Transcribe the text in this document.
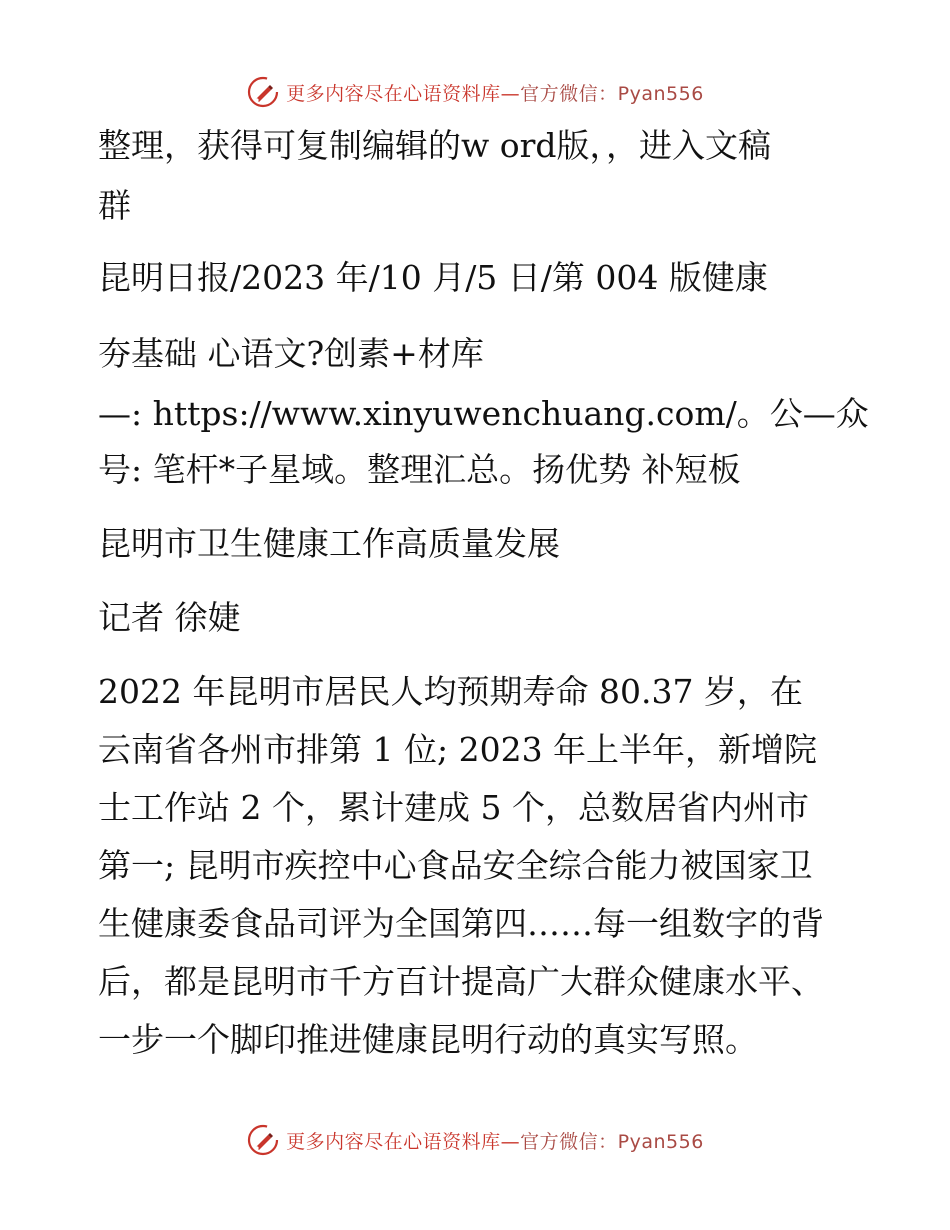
更多内容尽在心语资料库— 官方微信：Pyan556
整理，获得可复制编辑的w ord版，，进入文稿
群
昆明日报/2023 年/10 月/5 日/第 004 版健康
夯基础 心语文?创素+材库
—: https://www.xinyuwenchuang.com/。公—众
号: 笔杆*子星域。整理汇总。扬优势 补短板
昆明市卫生健康工作高质量发展
记者 徐婕
2022 年昆明市居民人均预期寿命 80.37 岁，在
云南省各州市排第 1 位; 2023 年上半年，新增院
士工作站 2 个，累计建成 5 个，总数居省内州市
第一; 昆明市疾控中心食品安全综合能力被国家卫
生健康委食品司评为全国第四……每一组数字的背
后，都是昆明市千方百计提高广大群众健康水平、
一步一个脚印推进健康昆明行动的真实写照。
更多内容尽在心语资料库— 官方微信：Pyan556
